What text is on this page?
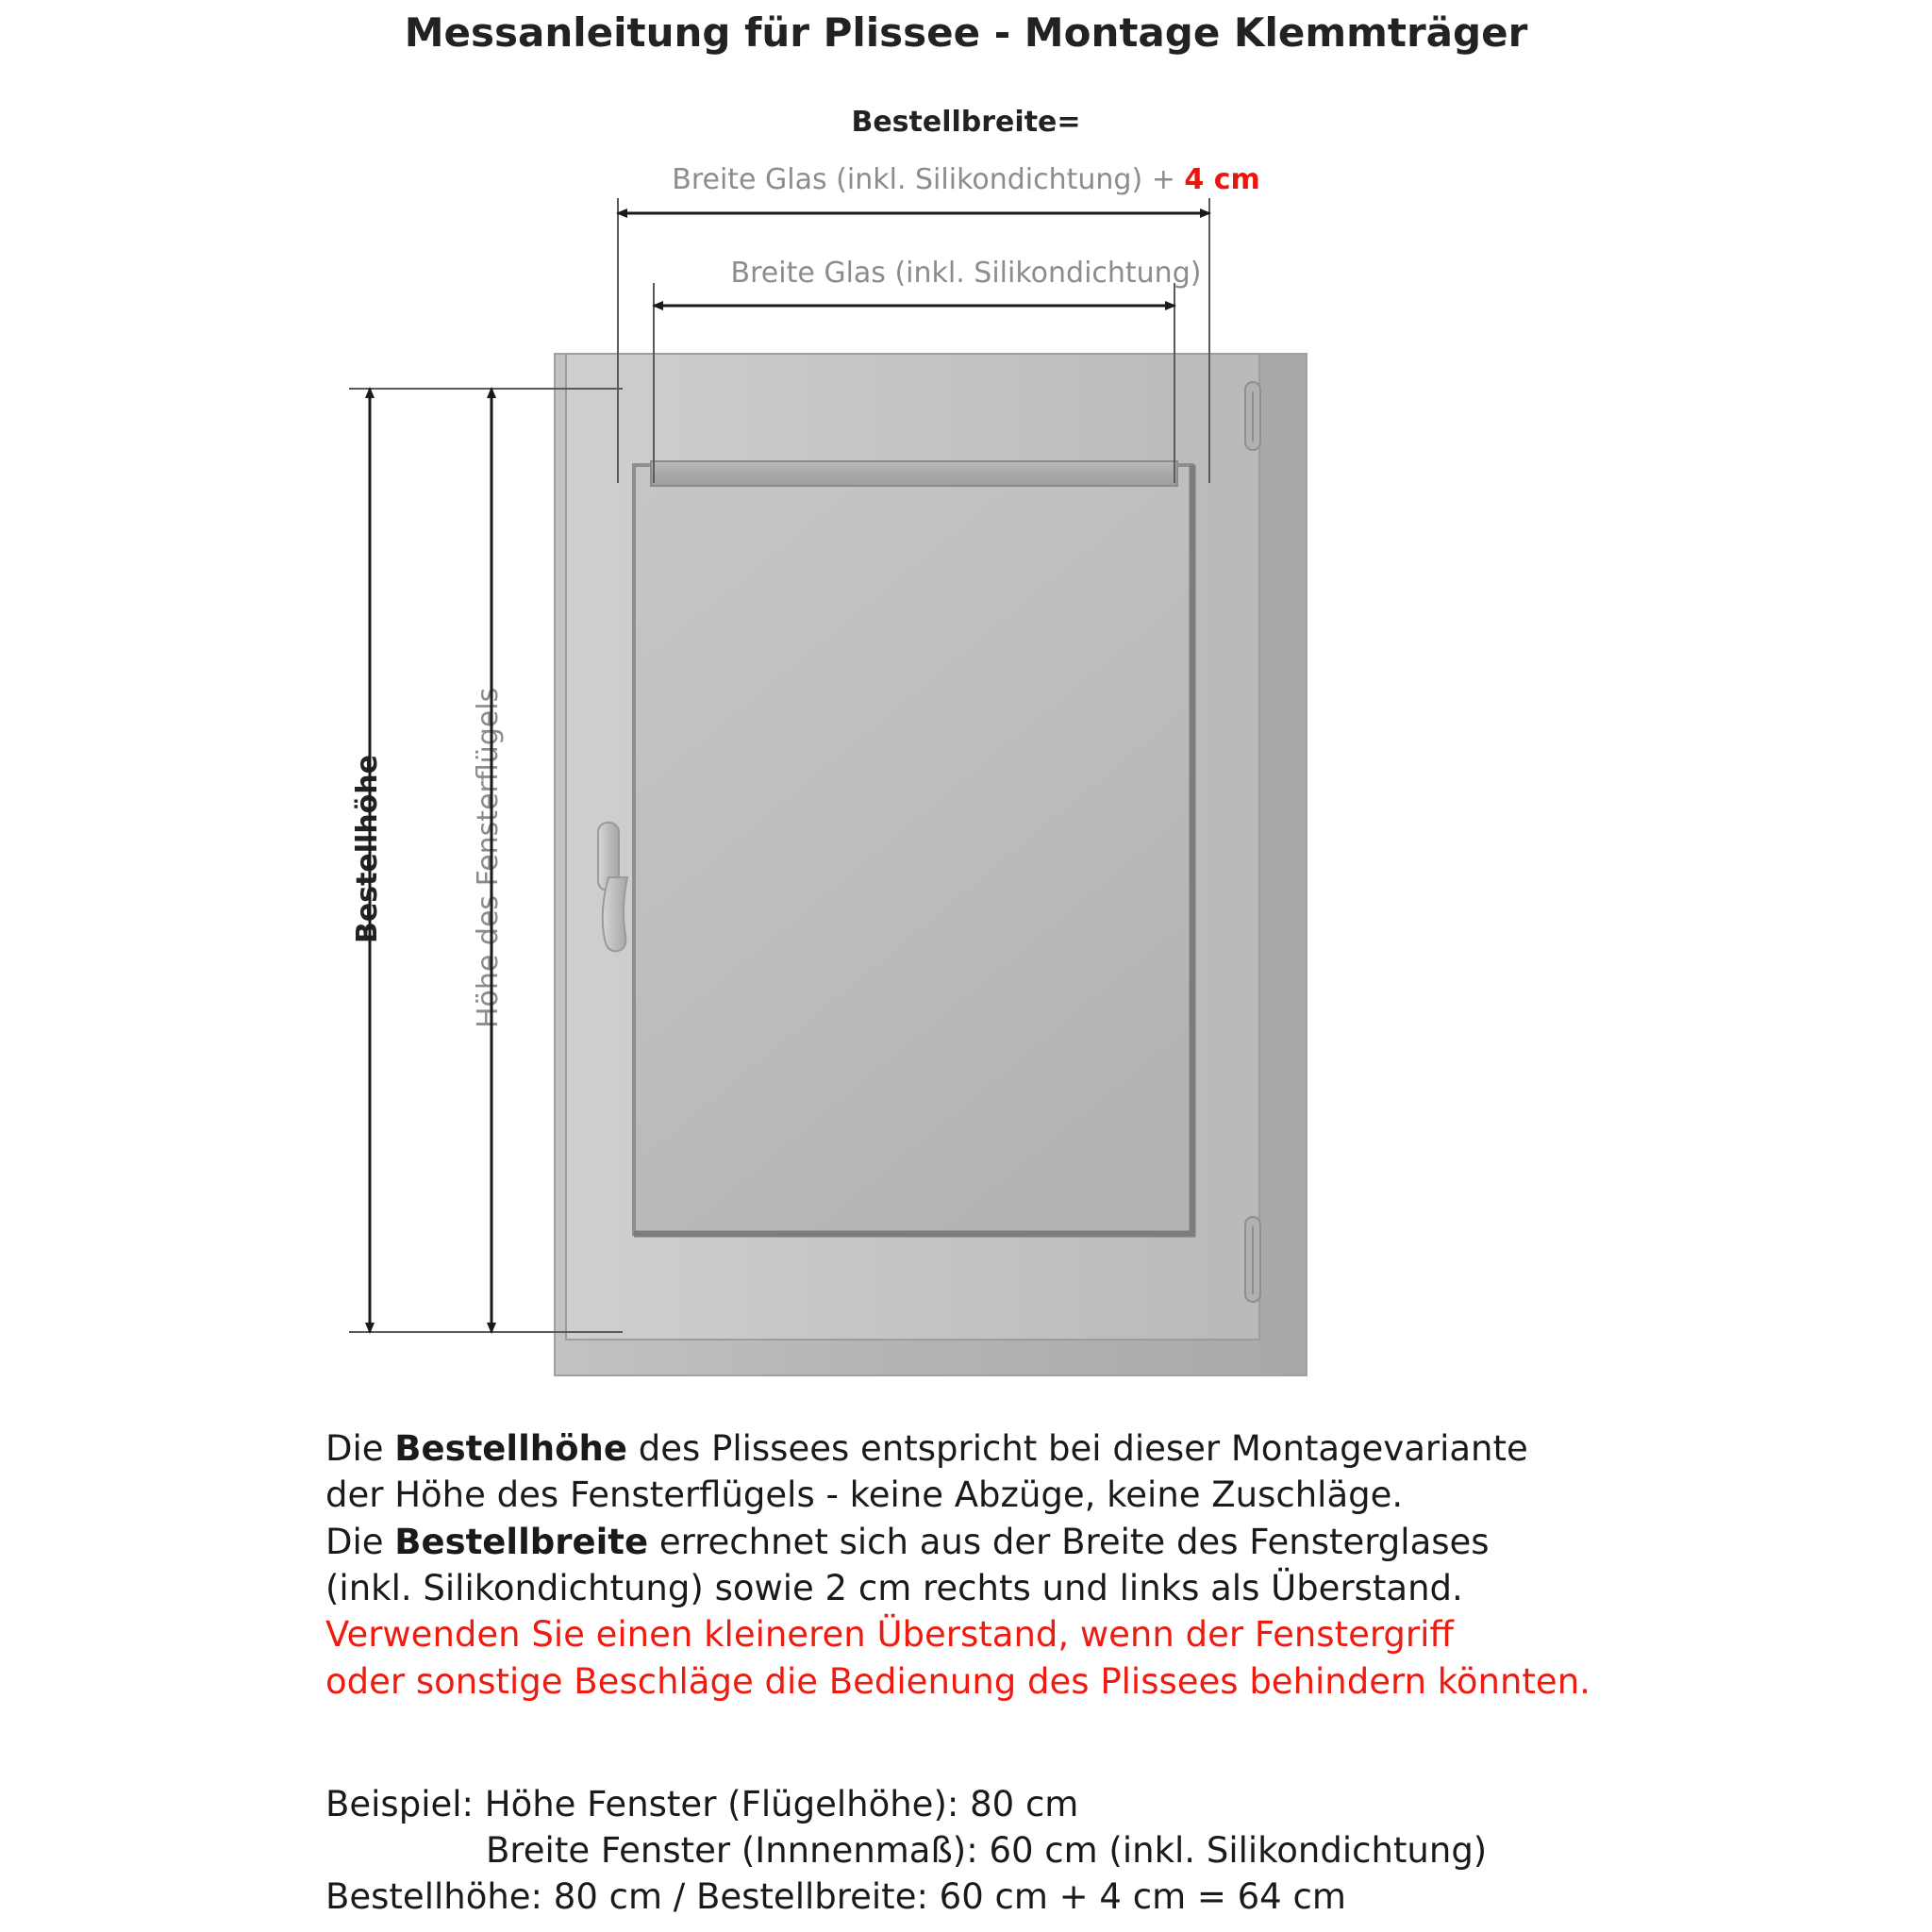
Messanleitung für Plissee - Montage Klemmträger
Bestellbreite=
Breite Glas (inkl. Silikondichtung) + 4 cm
Breite Glas (inkl. Silikondichtung)
Bestellhöhe	Höhe des Fensterflügels
Die Bestellhöhe des Plissees entspricht bei dieser Montagevariante
der Höhe des Fensterflügels - keine Abzüge, keine Zuschläge.
Die Bestellbreite errechnet sich aus der Breite des Fensterglases
(inkl. Silikondichtung) sowie 2 cm rechts und links als Überstand.
Verwenden Sie einen kleineren Überstand, wenn der Fenstergriff
oder sonstige Beschläge die Bedienung des Plissees behindern könnten.
Beispiel: Höhe Fenster (Flügelhöhe): 80 cm
Breite Fenster (Innnenmaß): 60 cm (inkl. Silikondichtung)
Bestellhöhe: 80 cm / Bestellbreite: 60 cm + 4 cm = 64 cm
